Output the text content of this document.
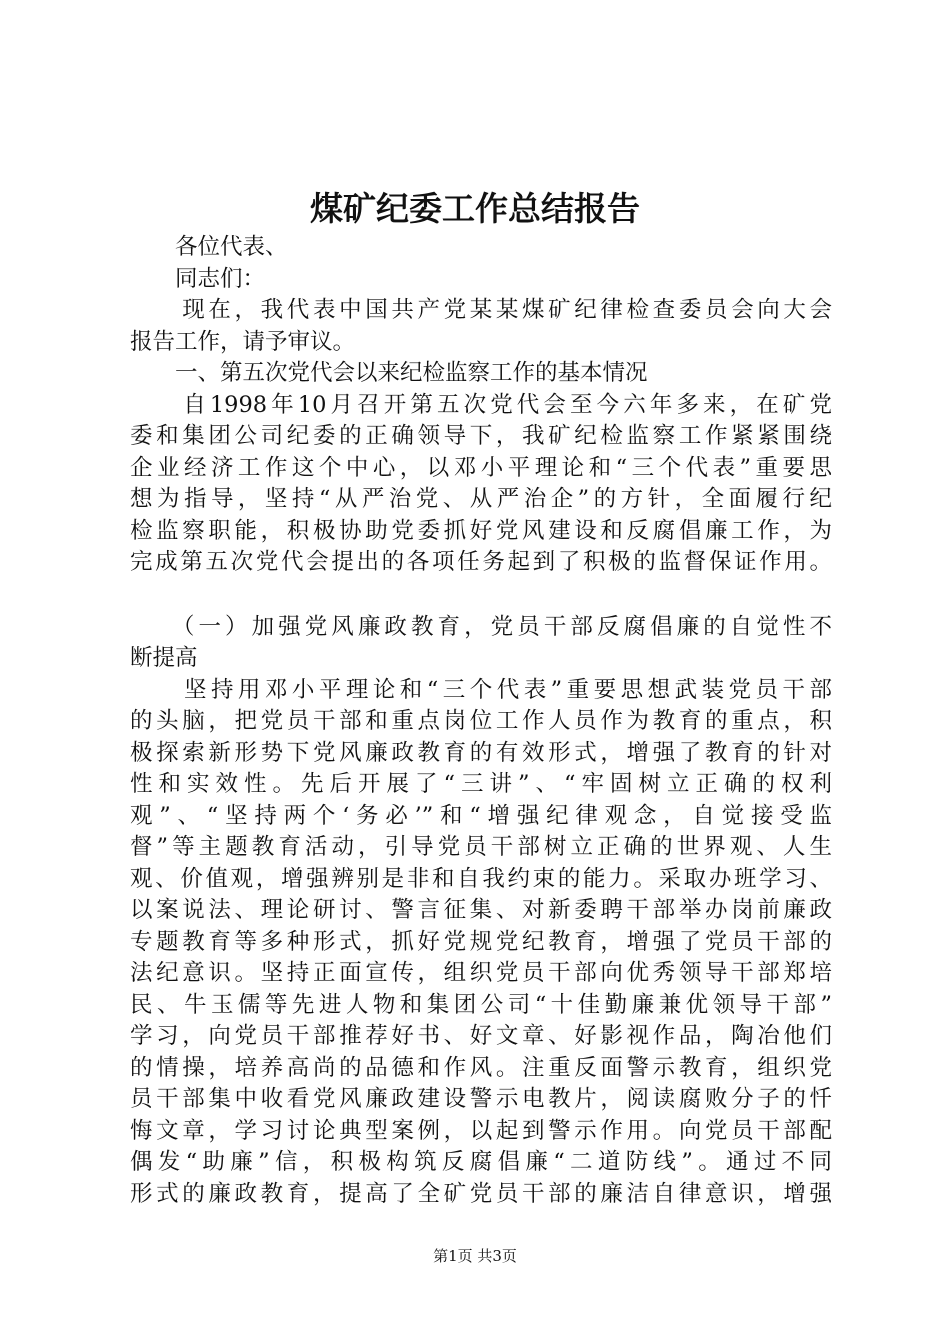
煤矿纪委工作总结报告
　　各位代表、
　　同志们：
　　现在，我代表中国共产党某某煤矿纪律检查委员会向大会
报告工作，请予审议。
　　一、第五次党代会以来纪检监察工作的基本情况
　　自1998年10月召开第五次党代会至今六年多来，在矿党
委和集团公司纪委的正确领导下，我矿纪检监察工作紧紧围绕
企业经济工作这个中心，以邓小平理论和“三个代表”重要思
想为指导，坚持“从严治党、从严治企”的方针，全面履行纪
检监察职能，积极协助党委抓好党风建设和反腐倡廉工作，为
完成第五次党代会提出的各项任务起到了积极的监督保证作用。
　　（一）加强党风廉政教育，党员干部反腐倡廉的自觉性不
断提高
　　坚持用邓小平理论和“三个代表”重要思想武装党员干部
的头脑，把党员干部和重点岗位工作人员作为教育的重点，积
极探索新形势下党风廉政教育的有效形式，增强了教育的针对
性和实效性。先后开展了“三讲”、“牢固树立正确的权利
观”、“坚持两个‘务必’”和“增强纪律观念，自觉接受监
督”等主题教育活动，引导党员干部树立正确的世界观、人生
观、价值观，增强辨别是非和自我约束的能力。采取办班学习、
以案说法、理论研讨、警言征集、对新委聘干部举办岗前廉政
专题教育等多种形式，抓好党规党纪教育，增强了党员干部的
法纪意识。坚持正面宣传，组织党员干部向优秀领导干部郑培
民、牛玉儒等先进人物和集团公司“十佳勤廉兼优领导干部”
学习，向党员干部推荐好书、好文章、好影视作品，陶冶他们
的情操，培养高尚的品德和作风。注重反面警示教育，组织党
员干部集中收看党风廉政建设警示电教片，阅读腐败分子的忏
悔文章，学习讨论典型案例，以起到警示作用。向党员干部配
偶发“助廉”信，积极构筑反腐倡廉“二道防线”。通过不同
形式的廉政教育，提高了全矿党员干部的廉洁自律意识，增强
第1页 共3页
